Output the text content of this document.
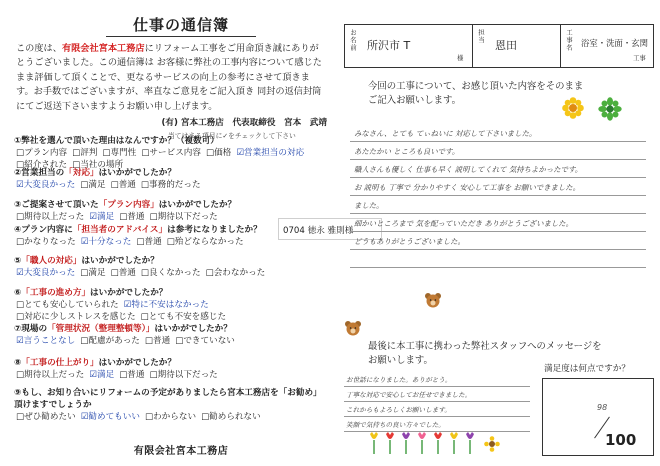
仕事の通信簿
この度は、有限会社宮本工務店にリフォーム工事をご用命頂き誠にありがとうございました。この通信簿は お客様に弊社の工事内容について感じたまま評価して頂くことで、更なるサービスの向上の参考にさせて頂きます。お手数ではございますが、率直なご意見をご記入頂き 同封の返信封筒にてご返送下さいますようお願い申し上げます。
(有) 宮本工務店　代表取締役　宮本　武靖
当てはまる項目に✓をチェックして下さい
①弊社を選んで頂いた理由はなんですか？（複数可）
□プラン内容 □評判 □専門性 □サービス内容 □価格 ☑営業担当の対応□紹介された □当社の場所
②営業担当の「対応」はいかがでしたか？
☑大変良かった □満足 □普通 □事務的だった
③ご提案させて頂いた「プラン内容」はいかがでしたか？
□期待以上だった ☑満足 □普通 □期待以下だった
④プラン内容に「担当者のアドバイス」は参考になりましたか？
□かなりなった ☑十分なった □普通 □殆どならなかった
⑤「職人の対応」はいかがでしたか？
☑大変良かった □満足 □普通 □良くなかった □会わなかった
⑥「工事の進め方」はいかがでしたか？
□とても安心していられた ☑特に不安はなかった□対応に少しストレスを感じた □とても不安を感じた
⑦現場の「管理状況（整理整頓等）」はいかがでしたか？
☑言うことなし □配慮があった □普通 □できていない
⑧「工事の仕上がり」はいかがでしたか？
□期待以上だった ☑満足 □普通 □期待以下だった
⑨もし、お知り合いにリフォームの予定がありましたら宮本工務店を「お勧め」頂けますでしょうか
□ぜひ勧めたい ☑勧めてもいい □わからない □勧められない
有限会社宮本工務店
0704 徳永 雅則様
お名前 所沢市 T
様
担当
恩田	工事名 浴室・洗面・玄関
工事
今回の工事について、お感じ頂いた内容をそのままご記入お願いします。
みなさん、とても てぃねいに 対応して下さいました。
あたたかい ところも良いです。
職人さんも優しく 仕事も早く 説明してくれて 気持ちよかったです。
お 説明も 丁寧で 分かりやすく 安心して工事を お願いできました。
ました。
細かいところまで 気を配っていただき ありがとうございました。
どうもありがとうございました。
最後に本工事に携わった弊社スタッフへのメッセージをお願いします。
満足度は何点ですか？
お世話になりました。ありがとう。
丁寧な対応で安心してお任せできました。
これからもよろしくお願いします。
笑顔で気持ちの良い方々でした。
98
100
